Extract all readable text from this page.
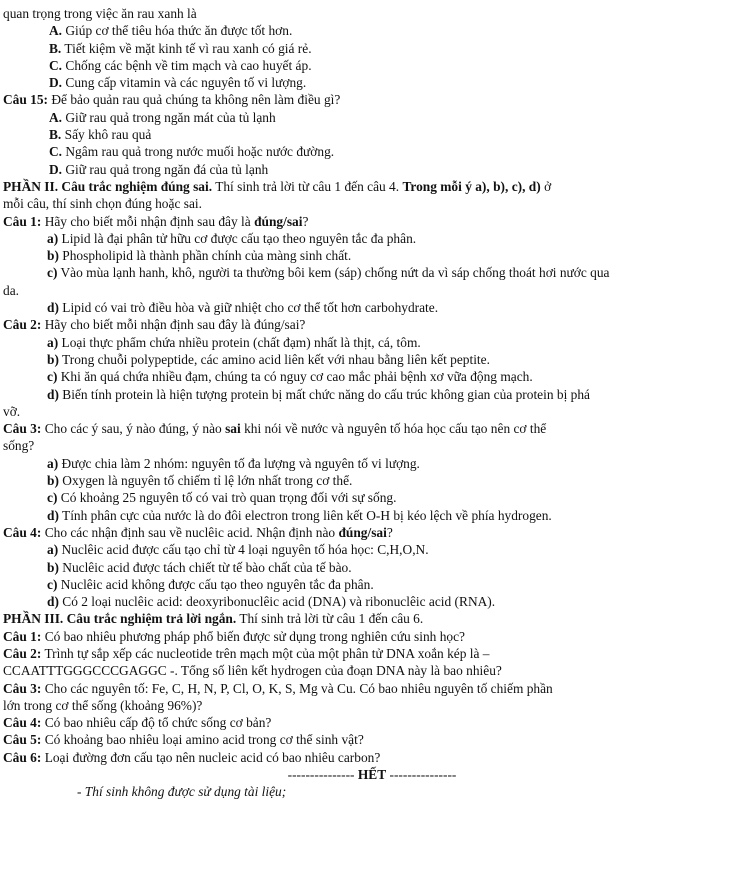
quan trọng trong việc ăn rau xanh là
A. Giúp cơ thể tiêu hóa thức ăn được tốt hơn.
B. Tiết kiệm về mặt kinh tế vì rau xanh có giá rẻ.
C. Chống các bệnh về tim mạch và cao huyết áp.
D. Cung cấp vitamin và các nguyên tố vi lượng.
Câu 15: Để bảo quản rau quả chúng ta không nên làm điều gì?
A. Giữ rau quả trong ngăn mát của tủ lạnh
B. Sấy khô rau quả
C. Ngâm rau quả trong nước muối hoặc nước đường.
D. Giữ rau quả trong ngăn đá của tủ lạnh
PHẦN II. Câu trắc nghiệm đúng sai. Thí sinh trả lời từ câu 1 đến câu 4. Trong mỗi ý a), b), c), d) ở
mỗi câu, thí sinh chọn đúng hoặc sai.
Câu 1: Hãy cho biết mỗi nhận định sau đây là đúng/sai?
a) Lipid là đại phân tử hữu cơ được cấu tạo theo nguyên tắc đa phân.
b) Phospholipid là thành phần chính của màng sinh chất.
c) Vào mùa lạnh hanh, khô, người ta thường bôi kem (sáp) chống nứt da vì sáp chống thoát hơi nước qua
da.
d) Lipid có vai trò điều hòa và giữ nhiệt cho cơ thể tốt hơn carbohydrate.
Câu 2: Hãy cho biết mỗi nhận định sau đây là đúng/sai?
a) Loại thực phẩm chứa nhiều protein (chất đạm) nhất là thịt, cá, tôm.
b) Trong chuỗi polypeptide, các amino acid liên kết với nhau bằng liên kết peptite.
c) Khi ăn quá chứa nhiều đạm, chúng ta có nguy cơ cao mắc phải bệnh xơ vữa động mạch.
d) Biến tính protein là hiện tượng protein bị mất chức năng do cấu trúc không gian của protein bị phá
vỡ.
Câu 3: Cho các ý sau, ý nào đúng, ý nào sai khi nói về nước và nguyên tố hóa học cấu tạo nên cơ thể
sống?
a) Được chia làm 2 nhóm: nguyên tố đa lượng và nguyên tố vi lượng.
b) Oxygen là nguyên tố chiếm tỉ lệ lớn nhất trong cơ thể.
c) Có khoảng 25 nguyên tố có vai trò quan trọng đối với sự sống.
d) Tính phân cực của nước là do đôi electron trong liên kết O-H bị kéo lệch về phía hydrogen.
Câu 4: Cho các nhận định sau về nuclêic acid. Nhận định nào đúng/sai?
a) Nuclêic acid được cấu tạo chỉ từ 4 loại nguyên tố hóa học: C,H,O,N.
b) Nuclêic acid được tách chiết từ tế bào chất của tế bào.
c) Nuclêic acid không được cấu tạo theo nguyên tắc đa phân.
d) Có 2 loại nuclêic acid: deoxyribonuclêic acid (DNA) và ribonuclêic acid (RNA).
PHẦN III. Câu trắc nghiệm trả lời ngắn. Thí sinh trả lời từ câu 1 đến câu 6.
Câu 1: Có bao nhiêu phương pháp phổ biến được sử dụng trong nghiên cứu sinh học?
Câu 2: Trình tự sắp xếp các nucleotide trên mạch một của một phân tử DNA xoắn kép là –
CCAATTTGGGCCCGAGGC -. Tổng số liên kết hydrogen của đoạn DNA này là bao nhiêu?
Câu 3: Cho các nguyên tố: Fe, C, H, N, P, Cl, O, K, S, Mg và Cu. Có bao nhiêu nguyên tố chiếm phần
lớn trong cơ thể sống (khoảng 96%)?
Câu 4: Có bao nhiêu cấp độ tổ chức sống cơ bản?
Câu 5: Có khoảng bao nhiêu loại amino acid trong cơ thể sinh vật?
Câu 6: Loại đường đơn cấu tạo nên nucleic acid có bao nhiêu carbon?
--------------- HẾT ---------------
- Thí sinh không được sử dụng tài liệu;
